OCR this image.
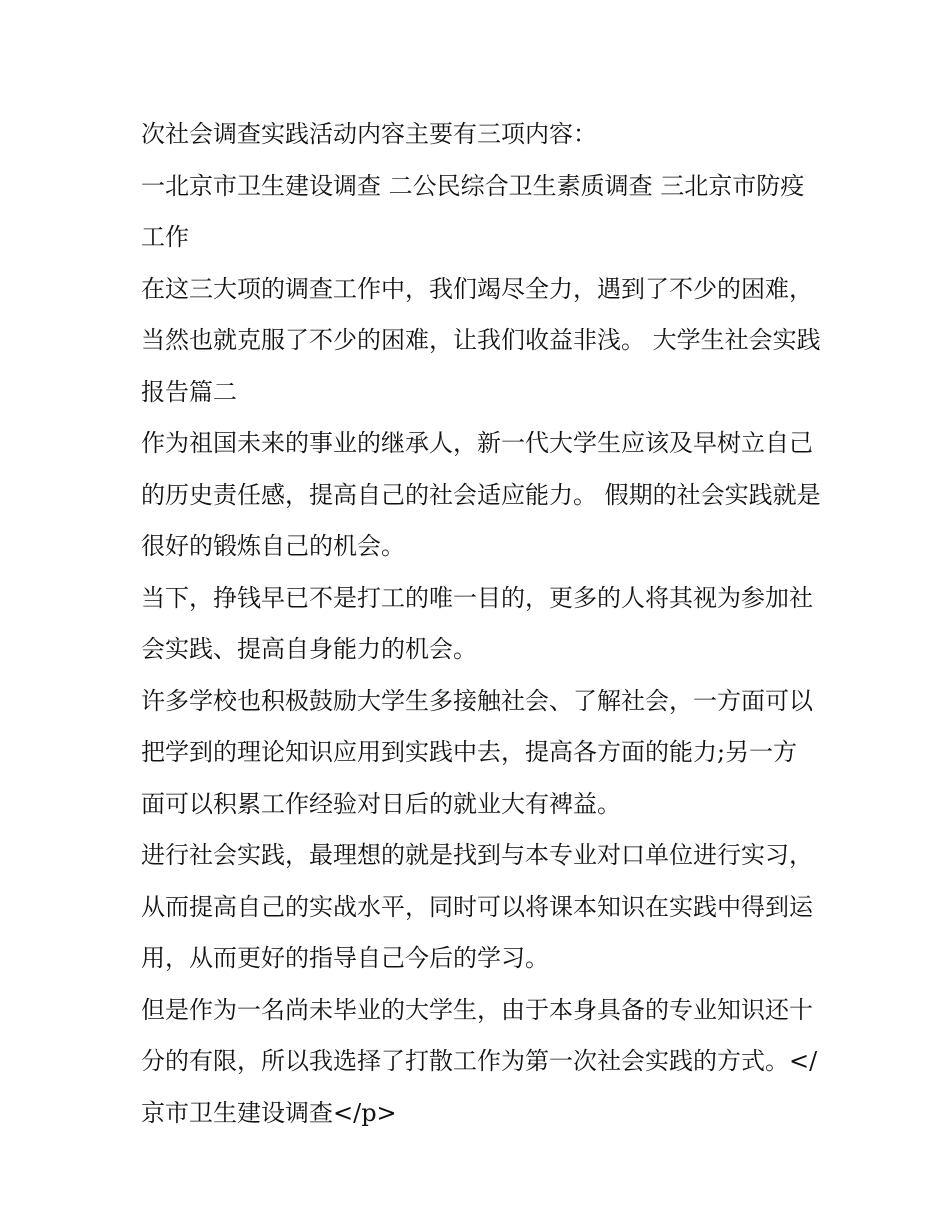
次社会调查实践活动内容主要有三项内容：

一北京市卫生建设调查 二公民综合卫生素质调查 三北京市防疫工作

在这三大项的调查工作中，我们竭尽全力，遇到了不少的困难，当然也就克服了不少的困难，让我们收益非浅。 大学生社会实践报告篇二

作为祖国未来的事业的继承人，新一代大学生应该及早树立自己的历史责任感，提高自己的社会适应能力。 假期的社会实践就是很好的锻炼自己的机会。

当下，挣钱早已不是打工的唯一目的，更多的人将其视为参加社会实践、提高自身能力的机会。

许多学校也积极鼓励大学生多接触社会、了解社会，一方面可以把学到的理论知识应用到实践中去，提高各方面的能力;另一方面可以积累工作经验对日后的就业大有裨益。

进行社会实践，最理想的就是找到与本专业对口单位进行实习，从而提高自己的实战水平，同时可以将课本知识在实践中得到运用，从而更好的指导自己今后的学习。

但是作为一名尚未毕业的大学生，由于本身具备的专业知识还十分的有限，所以我选择了打散工作为第一次社会实践的方式。</京市卫生建设调查</p>
